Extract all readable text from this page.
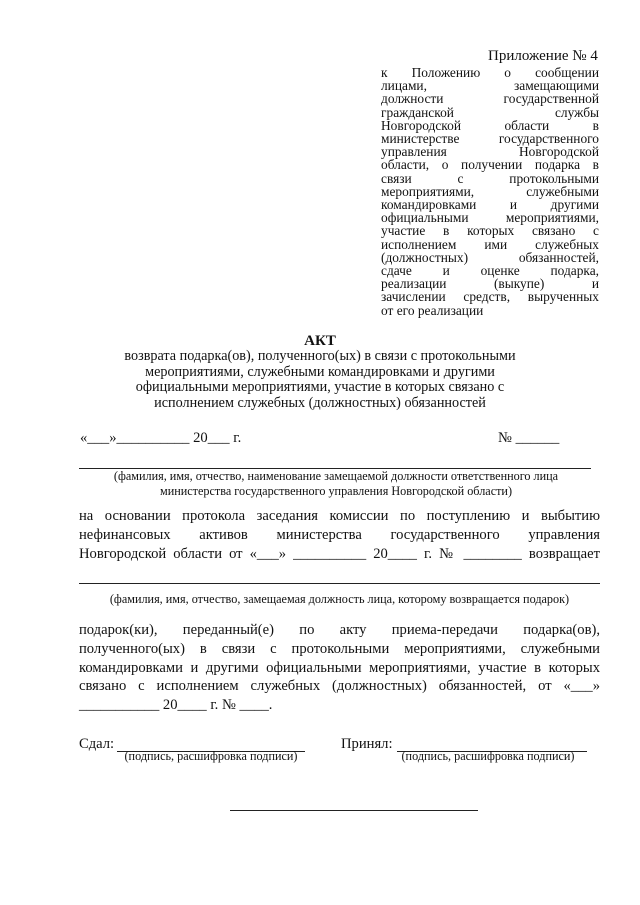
Приложение № 4
к Положению о сообщении
лицами, замещающими
должности государственной
гражданской службы
Новгородской области в
министерстве государственного
управления Новгородской
области, о получении подарка в
связи с протокольными
мероприятиями, служебными
командировками и другими
официальными мероприятиями,
участие в которых связано с
исполнением ими служебных
(должностных) обязанностей,
сдаче и оценке подарка,
реализации (выкупе) и
зачислении средств, вырученных
от его реализации
АКТ
возврата подарка(ов), полученного(ых) в связи с протокольными мероприятиями, служебными командировками и другими официальными мероприятиями, участие в которых связано с исполнением служебных (должностных) обязанностей
«___»__________ 20___ г.	№ ______
(фамилия, имя, отчество, наименование замещаемой должности ответственного лица министерства государственного управления Новгородской области)
на основании протокола заседания комиссии по поступлению и выбытию
нефинансовых активов министерства государственного управления
Новгородской области от «___» __________ 20____ г. № ________ возвращает
(фамилия, имя, отчество, замещаемая должность лица, которому возвращается подарок)
подарок(ки), переданный(е) по акту приема-передачи подарка(ов),
полученного(ых) в связи с протокольными мероприятиями, служебными
командировками и другими официальными мероприятиями, участие в которых
связано с исполнением служебных (должностных) обязанностей, от «___»
___________ 20____ г. № ____.
Сдал:
(подпись, расшифровка подписи)
Принял:
(подпись, расшифровка подписи)
